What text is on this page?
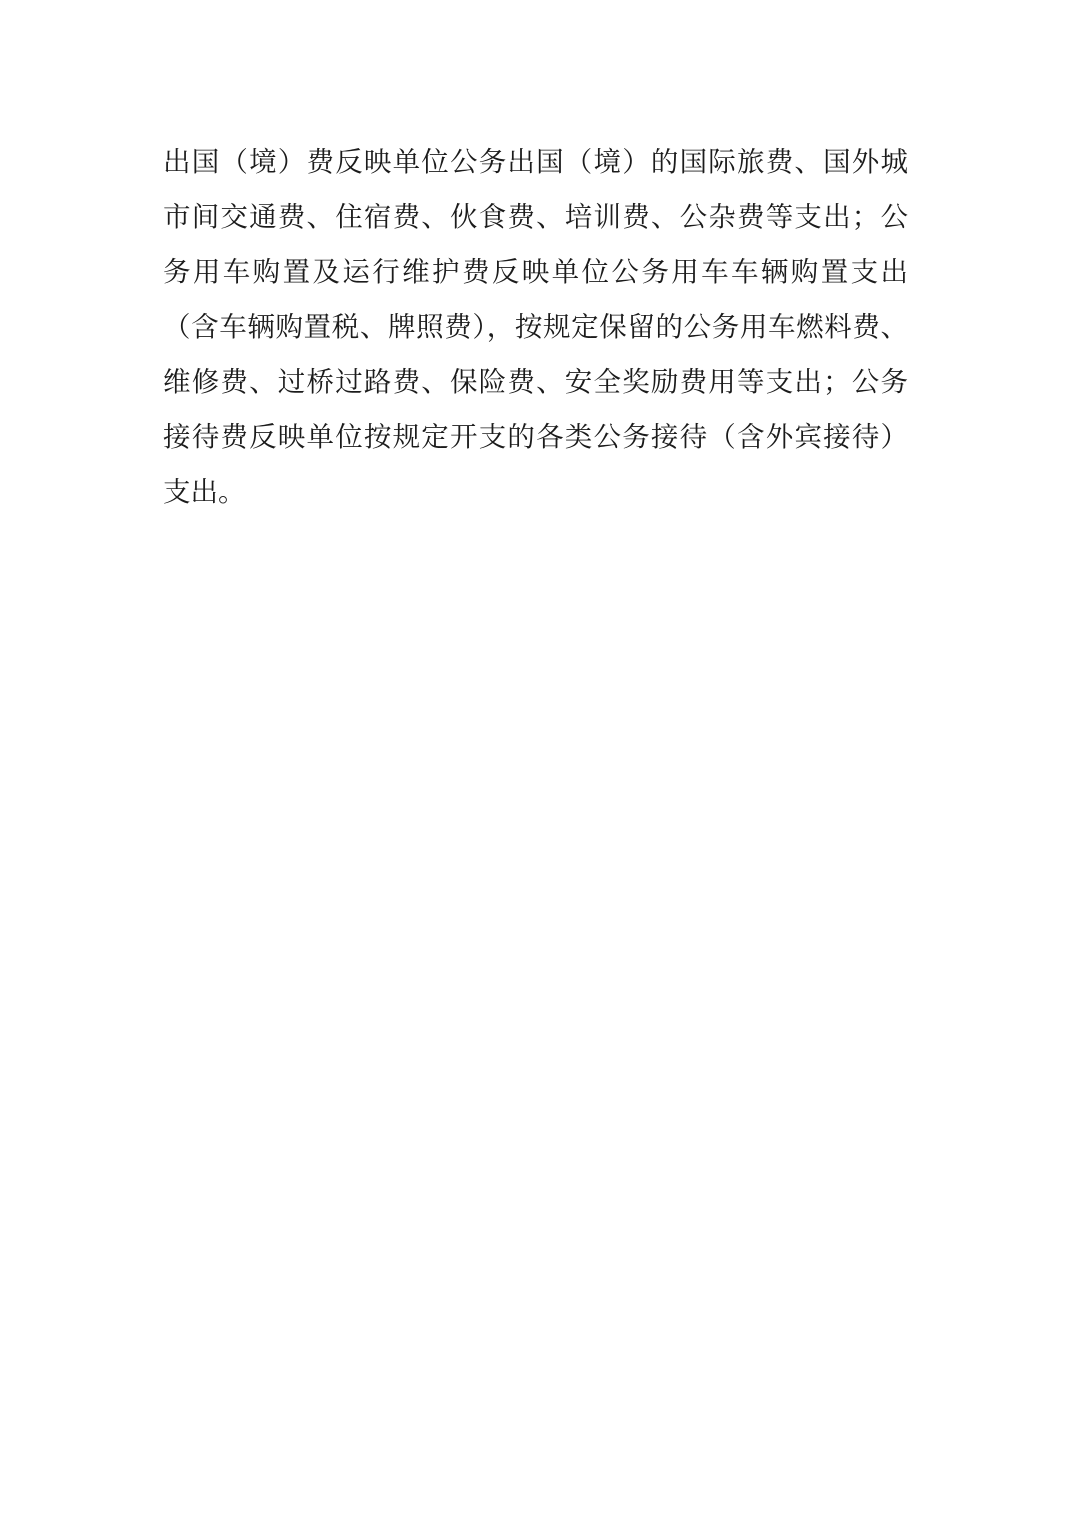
出国（境）费反映单位公务出国（境）的国际旅费、国外城
市间交通费、住宿费、伙食费、培训费、公杂费等支出；公
务用车购置及运行维护费反映单位公务用车车辆购置支出
（含车辆购置税、牌照费），按规定保留的公务用车燃料费、
维修费、过桥过路费、保险费、安全奖励费用等支出；公务
接待费反映单位按规定开支的各类公务接待（含外宾接待）
支出。
